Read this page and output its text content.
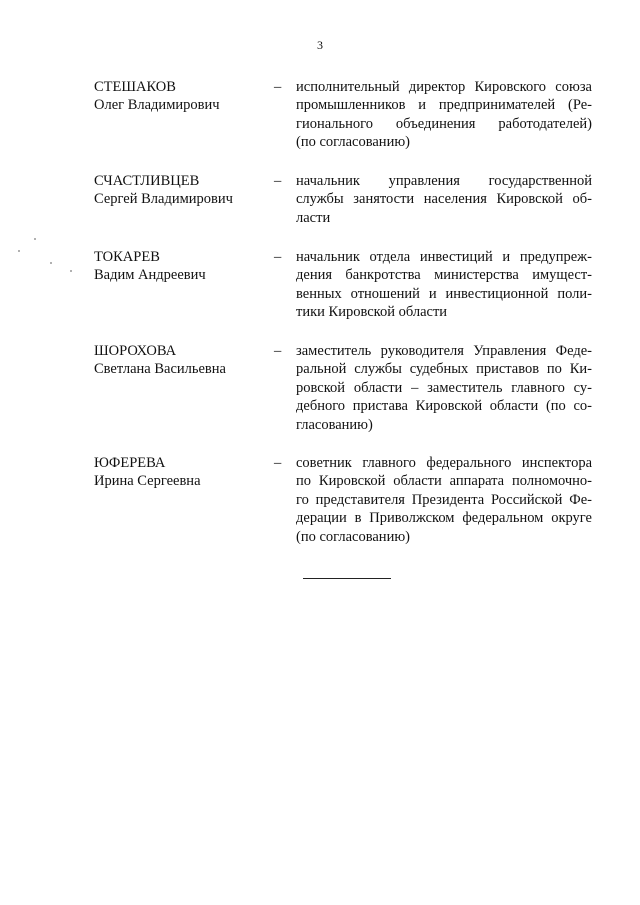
3
СТЕШАКОВ
Олег Владимирович
– исполнительный директор Кировского союза
промышленников и предпринимателей (Ре-
гионального объединения работодателей)
(по согласованию)
СЧАСТЛИВЦЕВ
Сергей Владимирович
– начальник управления государственной
службы занятости населения Кировской об-
ласти
ТОКАРЕВ
Вадим Андреевич
– начальник отдела инвестиций и предупреж-
дения банкротства министерства имущест-
венных отношений и инвестиционной поли-
тики Кировской области
ШОРОХОВА
Светлана Васильевна
– заместитель руководителя Управления Феде-
ральной службы судебных приставов по Ки-
ровской области – заместитель главного су-
дебного пристава Кировской области (по со-
гласованию)
ЮФЕРЕВА
Ирина Сергеевна
– советник главного федерального инспектора
по Кировской области аппарата полномочно-
го представителя Президента Российской Фе-
дерации в Приволжском федеральном округе
(по согласованию)
